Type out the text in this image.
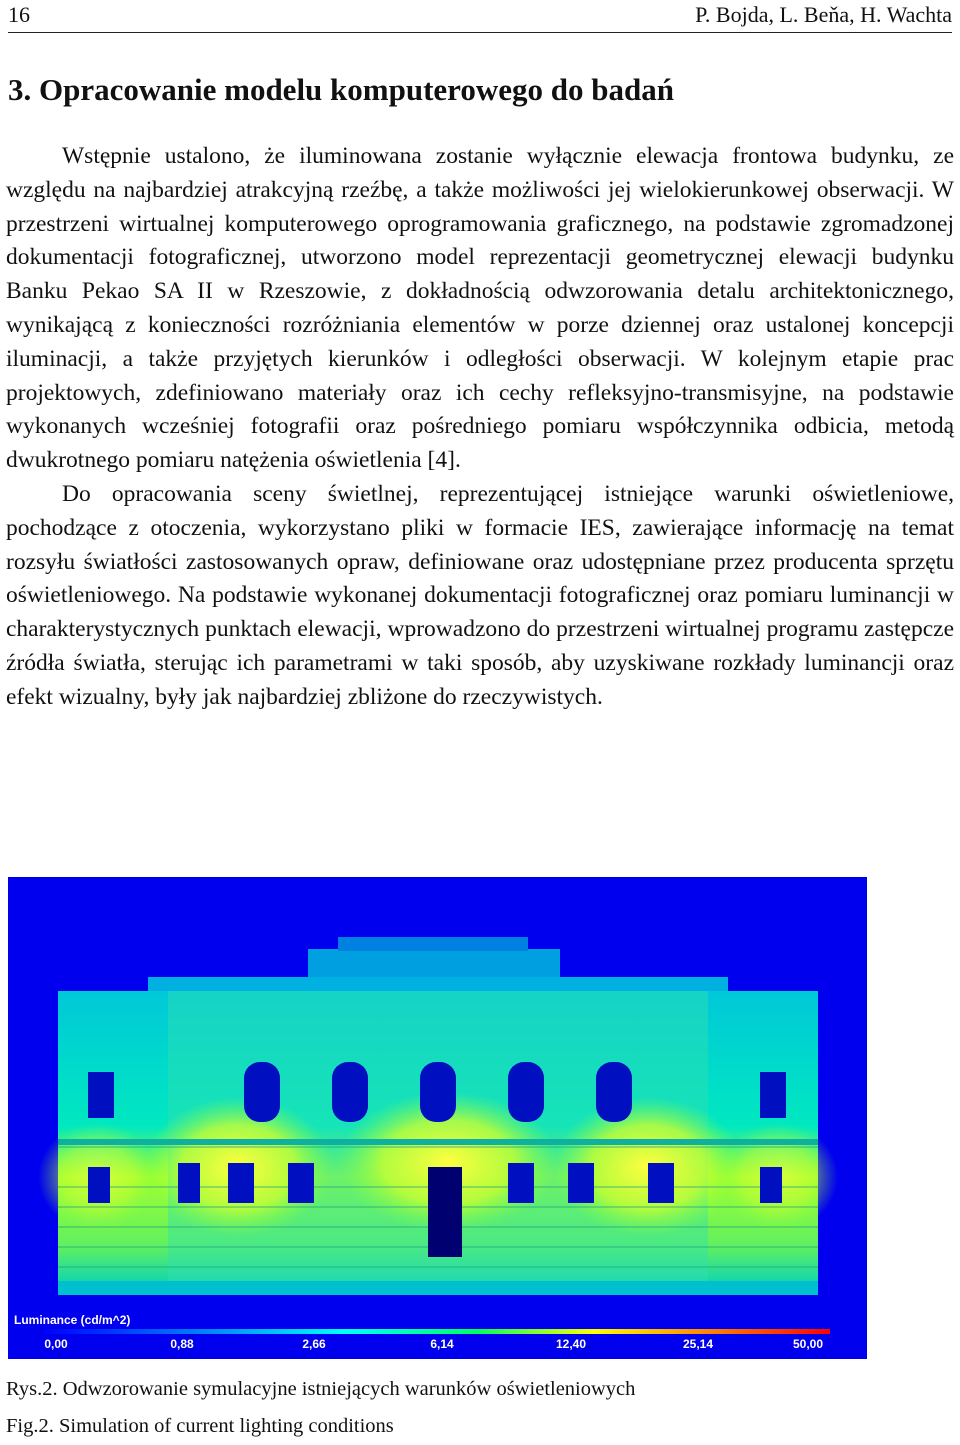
16	P. Bojda, L. Beňa, H. Wachta
3. Opracowanie modelu komputerowego do badań

Wstępnie ustalono, że iluminowana zostanie wyłącznie elewacja frontowa budynku, ze względu na najbardziej atrakcyjną rzeźbę, a także możliwości jej wielokierunkowej obserwacji. W przestrzeni wirtualnej komputerowego oprogramowania graficznego, na podstawie zgromadzonej dokumentacji fotograficznej, utworzono model reprezentacji geometrycznej elewacji budynku Banku Pekao SA II w Rzeszowie, z dokładnością odwzorowania detalu architektonicznego, wynikającą z konieczności rozróżniania elementów w porze dziennej oraz ustalonej koncepcji iluminacji, a także przyjętych kierunków i odległości obserwacji. W kolejnym etapie prac projektowych, zdefiniowano materiały oraz ich cechy refleksyjno-transmisyjne, na podstawie wykonanych wcześniej fotografii oraz pośredniego pomiaru współczynnika odbicia, metodą dwukrotnego pomiaru natężenia oświetlenia [4].

Do opracowania sceny świetlnej, reprezentującej istniejące warunki oświetleniowe, pochodzące z otoczenia, wykorzystano pliki w formacie IES, zawierające informację na temat rozsyłu światłości zastosowanych opraw, definiowane oraz udostępniane przez producenta sprzętu oświetleniowego. Na podstawie wykonanej dokumentacji fotograficznej oraz pomiaru luminancji w charakterystycznych punktach elewacji, wprowadzono do przestrzeni wirtualnej programu zastępcze źródła światła, sterując ich parametrami w taki sposób, aby uzyskiwane rozkłady luminancji oraz efekt wizualny, były jak najbardziej zbliżone do rzeczywistych.

Luminance (cd/m^2)
0,00	0,88	2,66	6,14	12,40	25,14	50,00
Rys.2. Odwzorowanie symulacyjne istniejących warunków oświetleniowych
Fig.2. Simulation of current lighting conditions
